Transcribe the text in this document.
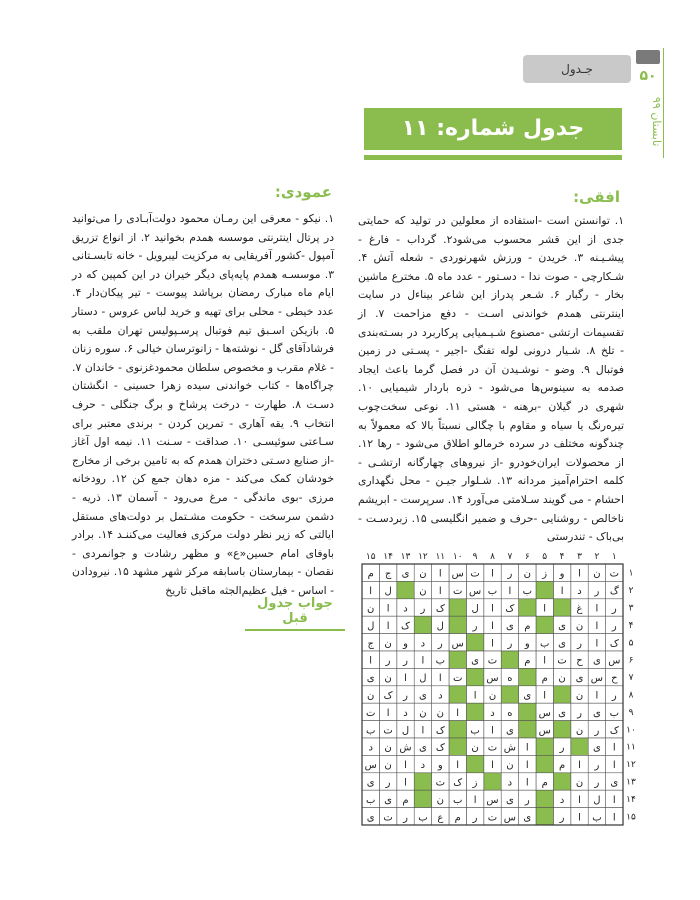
جـدول	۵۰
تابستان ۹۹
جدول شماره: ۱۱
افقی:
۱. توانستن است -استفاده از معلولین در تولید که حمایتی جدی از این قشر محسوب می‌شود۲. گرداب - فارغ - پیشـیـنه ۳. خریدن - ورزش شهرنوردی - شعله آتش ۴. شـکارچی - صوت ندا - دسـتور - عدد ماه ۵. مخترع ماشین بخار - رگبار ۶. شـعر پدراز این شاعر بیناءل در سایت اینترنتی همدم خواندنی اسـت - دفع مزاحمت ۷. از تقسیمات ارتشی -مصنوع شـیـمیایی پرکاربرد در بسـته‌بندی - تلخ ۸. شـیار درونی لوله تفنگ -اجیر - پسـتی در زمین فوتبال ۹. وضو - نوشـیدن آن در فصل گرما باعث ایجاد صدمه به سینوس‌ها می‌شود - ذره باردار شیمیایی ۱۰. شهری در گیلان -برهنه - هستی ۱۱. نوعی سخت‌چوب تیره‌رنگ یا سیاه و مقاوم با چگالی نسبتاً بالا که معمولاً به چندگونه مختلف در سرده خرمالو اطلاق می‌شود - رها ۱۲. از محصولات ایران‌خودرو -از نیروهای چهارگانه ارتشـی - کلمه احترام‌آمیز مردانه ۱۳. شـلوار جیـن - محل نگهداری احشام - می گویند سـلامتی می‌آورد ۱۴. سرپرست - ابریشم ناخالص - روشنایی -حرف و ضمیر انگلیسی ۱۵. زبردسـت - بی‌باک - تندرستی
عمودی:
۱. نیکو - معرفی این رمـان محمود دولت‌آبـادی را می‌توانید در پرتال اینترنتی موسسه همدم بخوانید ۲. از انواع تزریق آمپول -کشور آفریقایی به مرکزیت لیبرویل - خانه تابسـتانی ۳. موسسـه همدم پایه‌پای دیگر خیران در این کمپین که در ایام ماه مبارک رمضان برپاشد پیوست - تیر پیکان‌دار ۴. عدد خیطی - محلی برای تهیه و خرید لباس عروس - دستار ۵. بازیکن اسـبق تیم فوتبال پرسـپولیس تهران ملقب به فرشادآقای گل - نوشته‌ها - زانوترسان خیالی ۶. سوره زنان - غلام مقرب و مخصوص سلطان محمودغزنوی - خاندان ۷. چراگاه‌ها - کتاب خواندنی سیده زهرا حسینی - انگشتان دسـت ۸. طهارت - درخت پرشاخ و برگ جنگلی - حرف انتخاب ۹. یقه آهاری - تمرین کردن - برندی معتبر برای سـاعتی سوئیسـی ۱۰. صداقت - سـنت ۱۱. نیمه اول آغاز -از صنایع دسـتی دختران همدم که به تامین برخی از مخارج خودشان کمک می‌کند - مزه دهان جمع کن ۱۲. رودخانه مرزی -بوی ماندگی - مرغ می‌رود - آسمان ۱۳. ذریه - دشمن سرسخت - حکومت مشـتمل بر دولت‌های مستقل ایالتی که زیر نظر دولت مرکزی فعالیت می‌کننـد ۱۴. برادر باوفای امام حسین«ع» و مظهر رشادت و جوانمردی - نقصان - بیمارستان باسابقه مرکز شهر مشهد ۱۵. نیرودادن - اساس - فیل عظیم‌الجثه ماقبل تاریخ
جواب جدول قبل
۱
۲
۳
۴
۵
۶
۷
۸
۹
۱۰
۱۱
۱۲
۱۳
۱۴
۱۵
۱
۲
۳
۴
۵
۶
۷
۸
۹
۱۰
۱۱
۱۲
۱۳
۱۴
۱۵
ت
ن
ا
و
ز
ن
ر
ا
ت
س
ا
ن
ی
ج
م
گ
ر
د
ا
ب
ا
ب
س
ت
ا
ن
ل
ا
ر
ا
غ
ا
ک
ا
ل
ک
ر
د
ا
ن
ر
ا
ن
ی
م
ی
ا
ر
ل
ک
ا
ل
ک
ا
ر
ی
ب
و
ر
ا
س
ر
د
و
ن
ج
س
ی
ح
ت
ا
م
ت
ی
ب
ا
ر
ر
ا
ح
س
ی
ن
م
ه
س
ت
ا
ل
ا
ن
ی
ر
ا
ن
ا
ی
ن
ا
د
ی
ر
ک
ن
ب
ی
ر
ی
س
ه
د
ا
ن
ن
د
ا
ت
ک
ر
ن
س
ی
ا
ب
ک
ا
ل
ت
ب
ا
ی
ر
ا
ش
ت
ن
ک
ی
ش
ن
د
ا
ر
ا
م
ا
ن
ا
ا
و
د
ا
ن
س
ی
ر
ن
م
ا
د
ز
ک
ت
ا
ر
ی
ا
ل
ا
د
ر
ی
س
ا
ب
ن
م
ی
ب
ا
ب
ا
ر
ی
س
ت
ر
م
ع
ب
ر
ت
ی
